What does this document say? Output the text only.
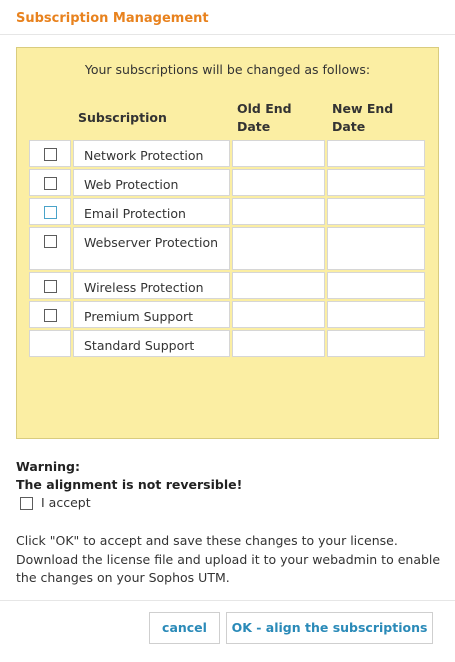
Subscription Management
Your subscriptions will be changed as follows:
Subscription
Old End Date
New End Date
Network Protection
Web Protection
Email Protection
Webserver Protection
Wireless Protection
Premium Support
Standard Support
Warning:
The alignment is not reversible!
I accept
Click "OK" to accept and save these changes to your license. Download the license file and upload it to your webadmin to enable the changes on your Sophos UTM.
cancel	OK - align the subscriptions
